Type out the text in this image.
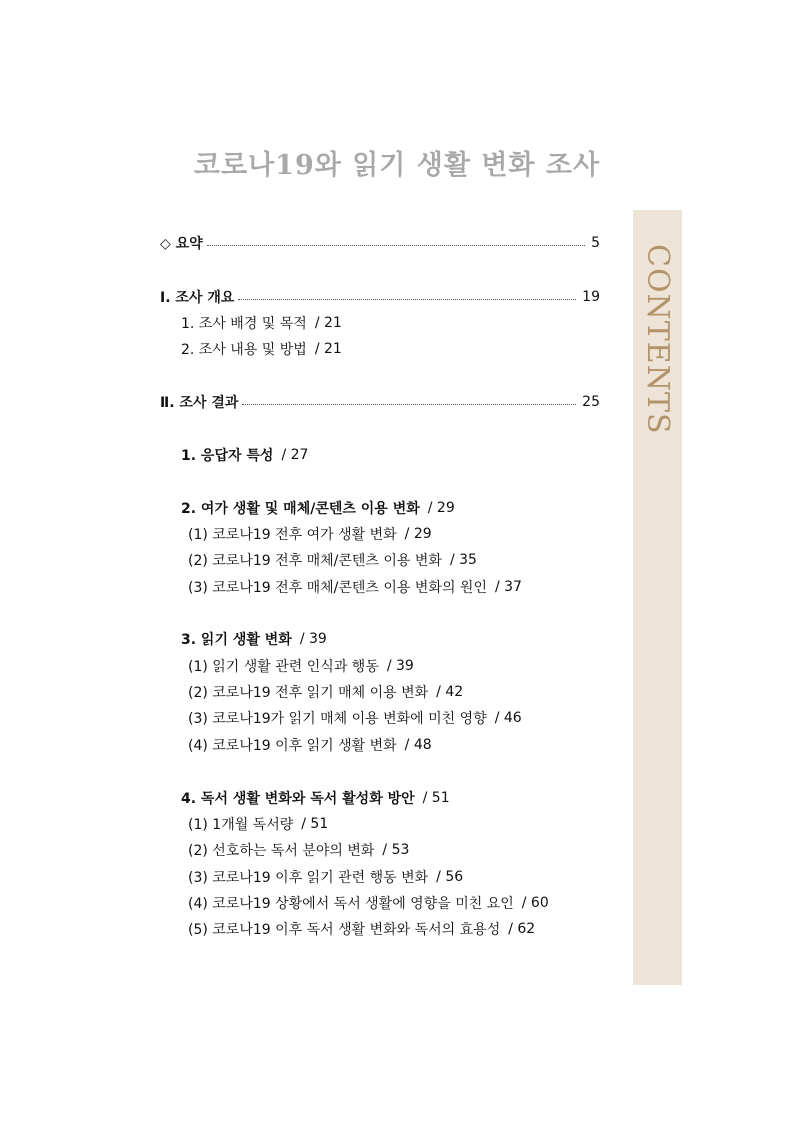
코로나19와 읽기 생활 변화 조사
CONTENTS
◇ 요약	5
Ⅰ. 조사 개요	19
1. 조사 배경 및 목적 / 21
2. 조사 내용 및 방법 / 21
Ⅱ. 조사 결과	25
1. 응답자 특성 / 27
2. 여가 생활 및 매체/콘텐츠 이용 변화 / 29
(1) 코로나19 전후 여가 생활 변화 / 29
(2) 코로나19 전후 매체/콘텐츠 이용 변화 / 35
(3) 코로나19 전후 매체/콘텐츠 이용 변화의 원인 / 37
3. 읽기 생활 변화 / 39
(1) 읽기 생활 관련 인식과 행동 / 39
(2) 코로나19 전후 읽기 매체 이용 변화 / 42
(3) 코로나19가 읽기 매체 이용 변화에 미친 영향 / 46
(4) 코로나19 이후 읽기 생활 변화 / 48
4. 독서 생활 변화와 독서 활성화 방안 / 51
(1) 1개월 독서량 / 51
(2) 선호하는 독서 분야의 변화 / 53
(3) 코로나19 이후 읽기 관련 행동 변화 / 56
(4) 코로나19 상황에서 독서 생활에 영향을 미친 요인 / 60
(5) 코로나19 이후 독서 생활 변화와 독서의 효용성 / 62
